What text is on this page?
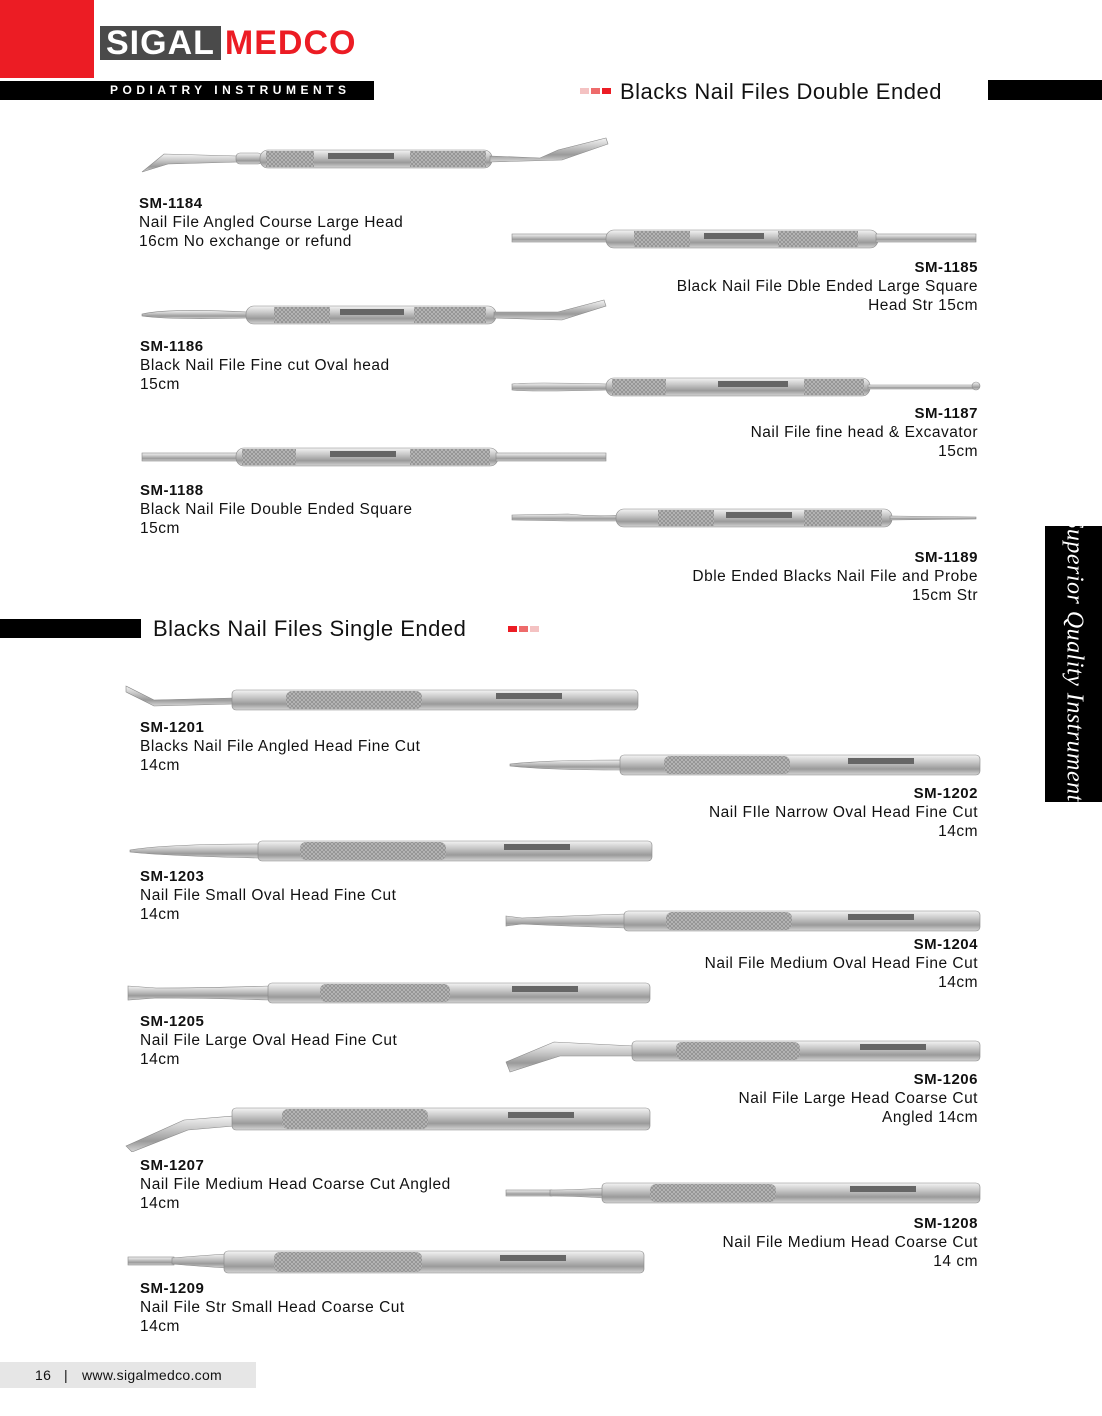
SIGAL MEDCO
PODIATRY INSTRUMENTS	Blacks Nail Files Double Ended
Blacks Nail Files Single Ended	Superior Quality Instruments
SM-1184
Nail File Angled Course Large Head
16cm No exchange or refund
SM-1185
Black Nail File Dble Ended Large Square
Head Str 15cm
SM-1186
Black Nail File Fine cut Oval head
15cm
SM-1187
Nail File fine head & Excavator
15cm
SM-1188
Black Nail File Double Ended Square
15cm
SM-1189
Dble Ended Blacks Nail File and Probe
15cm Str
SM-1201
Blacks Nail File Angled Head Fine Cut
14cm
SM-1202
Nail FIle Narrow Oval Head Fine Cut
14cm
SM-1203
Nail File Small Oval Head Fine Cut
14cm
SM-1204
Nail File Medium Oval Head Fine Cut
14cm
SM-1205
Nail File Large Oval Head Fine Cut
14cm
SM-1206
Nail File Large Head Coarse Cut
Angled 14cm
SM-1207
Nail File Medium Head Coarse Cut Angled
14cm
SM-1208
Nail File Medium Head Coarse Cut
14 cm
SM-1209
Nail File Str Small Head Coarse Cut
14cm
16 | www.sigalmedco.com
